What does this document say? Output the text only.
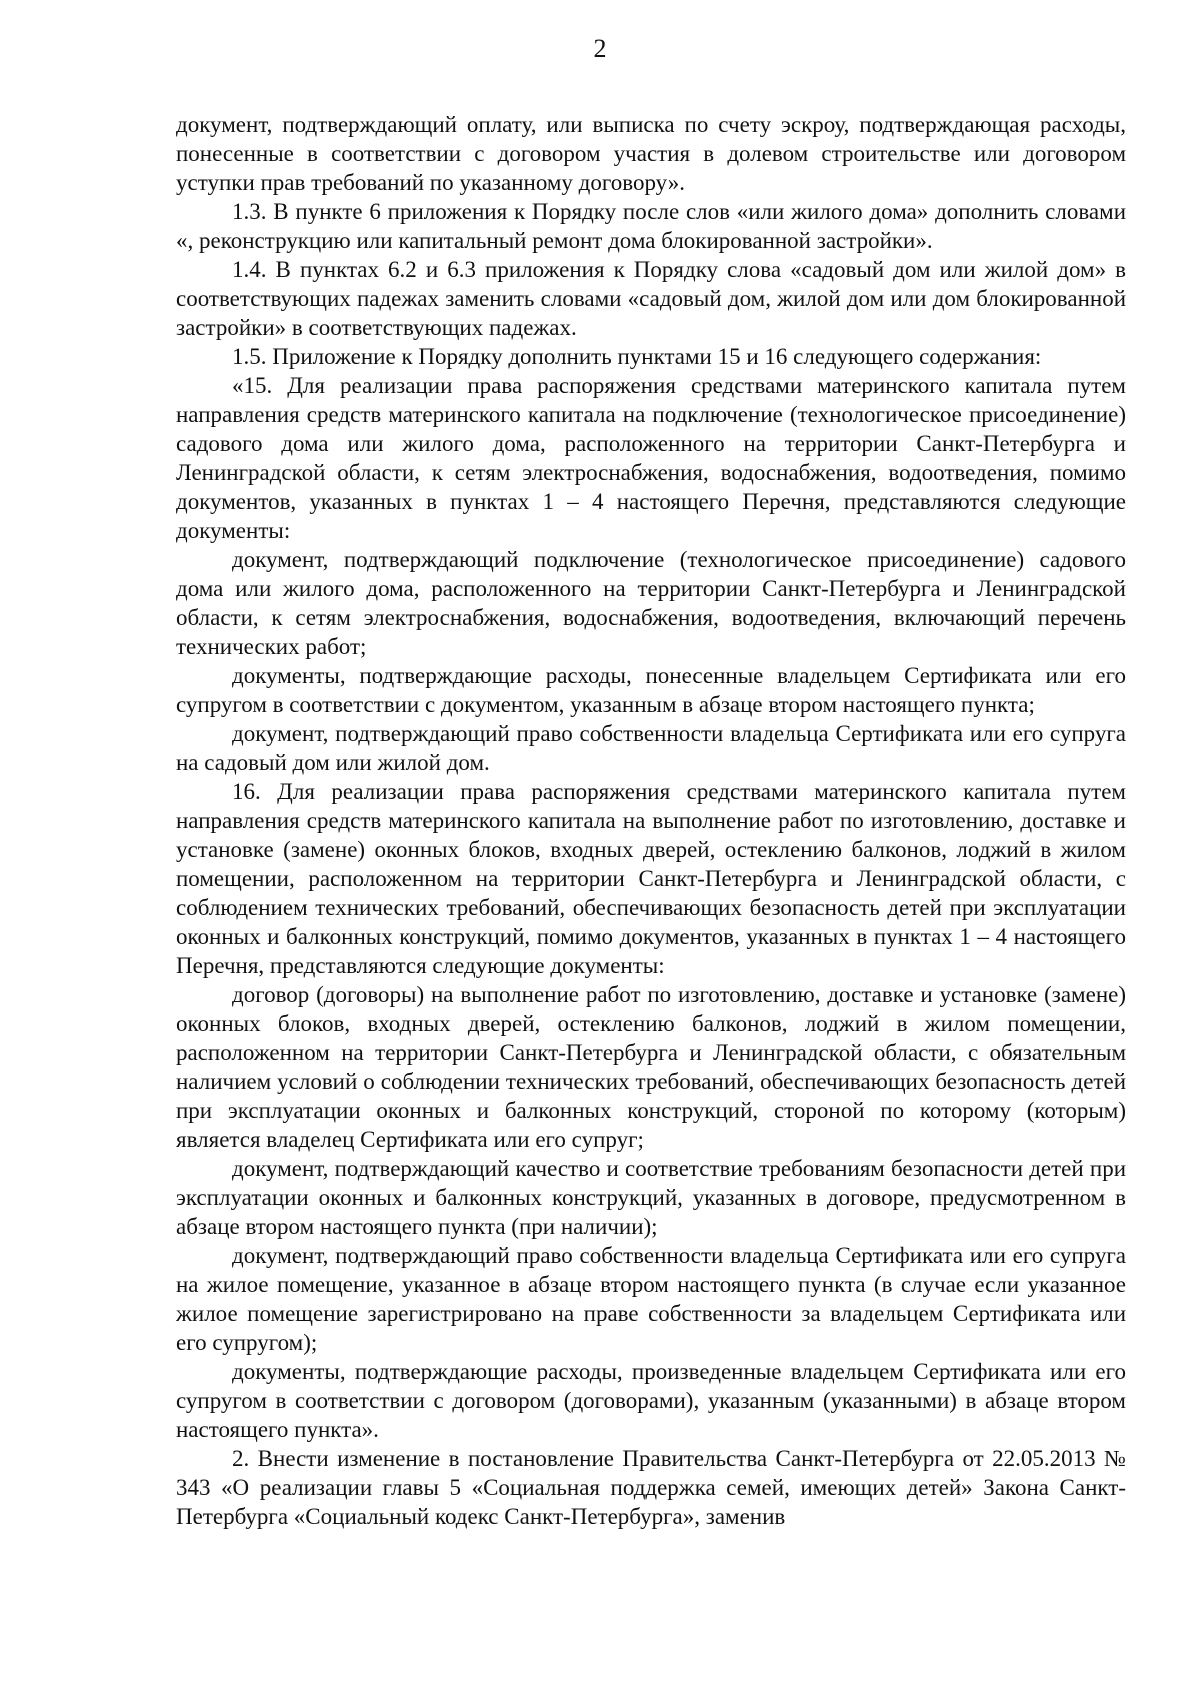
2

документ, подтверждающий оплату, или выписка по счету эскроу, подтверждающая расходы, понесенные в соответствии с договором участия в долевом строительстве или договором уступки прав требований по указанному договору».

1.3. В пункте 6 приложения к Порядку после слов «или жилого дома» дополнить словами «, реконструкцию или капитальный ремонт дома блокированной застройки».

1.4. В пунктах 6.2 и 6.3 приложения к Порядку слова «садовый дом или жилой дом» в соответствующих падежах заменить словами «садовый дом, жилой дом или дом блокированной застройки» в соответствующих падежах.

1.5. Приложение к Порядку дополнить пунктами 15 и 16 следующего содержания:

«15. Для реализации права распоряжения средствами материнского капитала путем направления средств материнского капитала на подключение (технологическое присоединение) садового дома или жилого дома, расположенного на территории Санкт-Петербурга и Ленинградской области, к сетям электроснабжения, водоснабжения, водоотведения, помимо документов, указанных в пунктах 1 – 4 настоящего Перечня, представляются следующие документы:

документ, подтверждающий подключение (технологическое присоединение) садового дома или жилого дома, расположенного на территории Санкт-Петербурга и Ленинградской области, к сетям электроснабжения, водоснабжения, водоотведения, включающий перечень технических работ;

документы, подтверждающие расходы, понесенные владельцем Сертификата или его супругом в соответствии с документом, указанным в абзаце втором настоящего пункта;

документ, подтверждающий право собственности владельца Сертификата или его супруга на садовый дом или жилой дом.

16. Для реализации права распоряжения средствами материнского капитала путем направления средств материнского капитала на выполнение работ по изготовлению, доставке и установке (замене) оконных блоков, входных дверей, остеклению балконов, лоджий в жилом помещении, расположенном на территории Санкт-Петербурга и Ленинградской области, с соблюдением технических требований, обеспечивающих безопасность детей при эксплуатации оконных и балконных конструкций, помимо документов, указанных в пунктах 1 – 4 настоящего Перечня, представляются следующие документы:

договор (договоры) на выполнение работ по изготовлению, доставке и установке (замене) оконных блоков, входных дверей, остеклению балконов, лоджий в жилом помещении, расположенном на территории Санкт-Петербурга и Ленинградской области, с обязательным наличием условий о соблюдении технических требований, обеспечивающих безопасность детей при эксплуатации оконных и балконных конструкций, стороной по которому (которым) является владелец Сертификата или его супруг;

документ, подтверждающий качество и соответствие требованиям безопасности детей при эксплуатации оконных и балконных конструкций, указанных в договоре, предусмотренном в абзаце втором настоящего пункта (при наличии);

документ, подтверждающий право собственности владельца Сертификата или его супруга на жилое помещение, указанное в абзаце втором настоящего пункта (в случае если указанное жилое помещение зарегистрировано на праве собственности за владельцем Сертификата или его супругом);

документы, подтверждающие расходы, произведенные владельцем Сертификата или его супругом в соответствии с договором (договорами), указанным (указанными) в абзаце втором настоящего пункта».

2. Внести изменение в постановление Правительства Санкт-Петербурга от 22.05.2013 № 343 «О реализации главы 5 «Социальная поддержка семей, имеющих детей» Закона Санкт-Петербурга «Социальный кодекс Санкт-Петербурга», заменив
